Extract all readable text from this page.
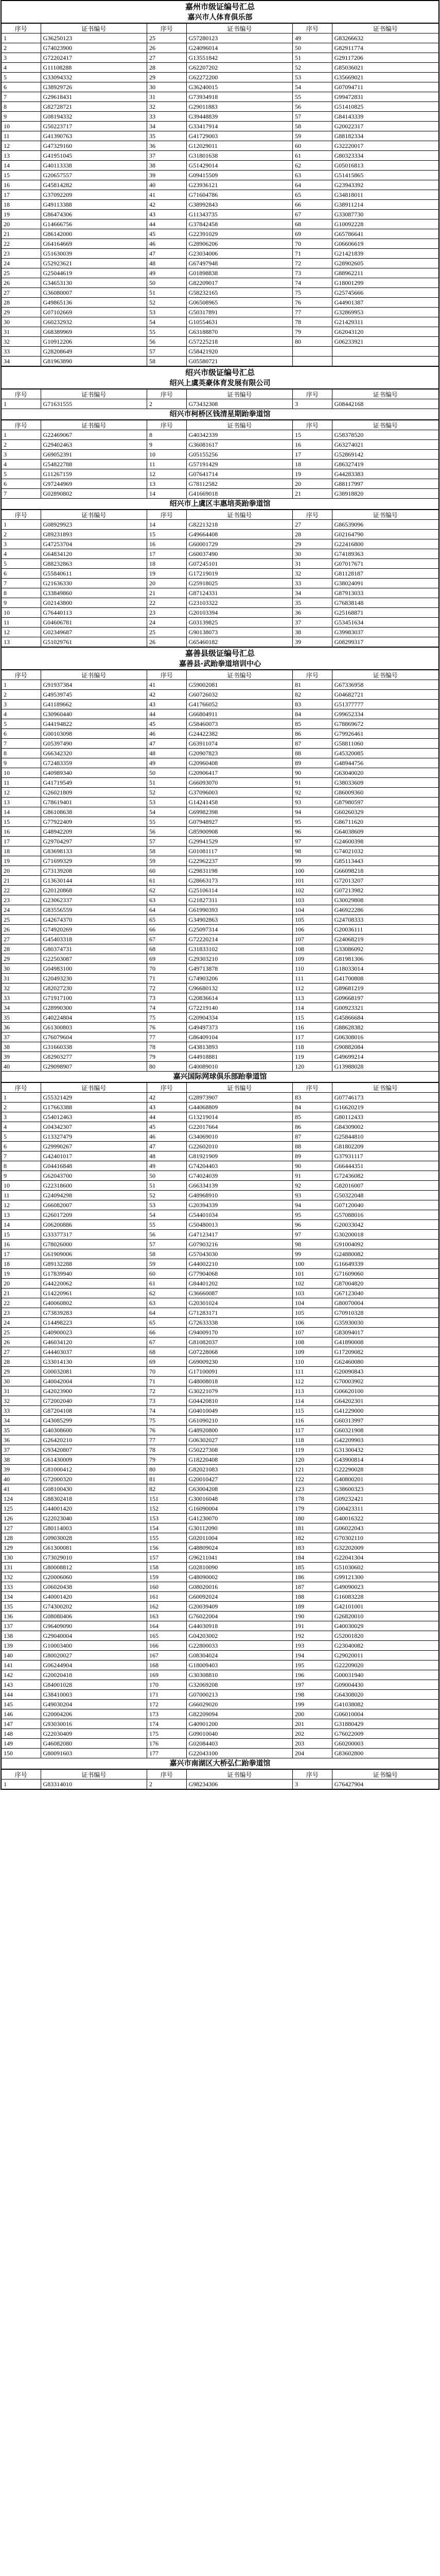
嘉州市级证编号汇总
嘉兴市人体育俱乐部
序号	证书编号	序号	证书编号	序号	证书编号
1	G36250123	25	G57280123	49	G83266632
2	G74023900	26	G24096014	50	G82911774
3	G72202417	27	G13551842	51	G29117206
4	G11108288	28	G62207202	52	G85036021
5	G33094332	29	G62272200	53	G35669021
6	G38929726	30	G36240015	54	G07094711
7	G29618431	31	G73934918	55	G99472831
8	G82728721	32	G29011883	56	G51410825
9	G08194332	33	G39448839	57	G84143339
10	G50223717	34	G33417914	58	G20022317
11	G41390763	35	G41729003	59	G88182334
12	G47329160	36	G12029011	60	G32220017
13	G41951045	37	G31801638	61	G80323334
14	G40113338	38	G51429014	62	G05016813
15	G20657557	39	G09415509	63	G51415865
16	G45814282	40	G23936121	64	G23943392
17	G37092209	41	G71604786	65	G34818011
18	G49113388	42	G38992843	66	G38911214
19	G86474306	43	G11343735	67	G33087730
20	G14666756	44	G37842458	68	G10092228
21	G86142000	45	G22391029	69	G65786641
22	G64164669	46	G28906206	70	G06606619
23	G51630039	47	G23034006	71	G21421839
24	G52923621	48	G67497948	72	G28902605
25	G25044619	49	G01898838	73	G88962211
26	G34653130	50	G82209017	74	G18001299
27	G36080007	51	G58232165	75	G25745666
28	G49865136	52	G06508965	76	G44901387
29	G07102669	53	G50317891	77	G32869953
30	G60232932	54	G10554631	78	G21429311
31	G68389969	55	G63188870	79	G62043120
32	G10912206	56	G57225218	80	G06233921
33	G28208649	57	G58421920		
34	G81963890	58	G05580721		
绍兴市级证编号汇总
绍兴上虞英豪体育发展有限公司
序号	证书编号	序号	证书编号	序号	证书编号
1	G71631555	2	G73432308	3	G08442168
绍兴市柯桥区钱清星期跆拳道馆
序号	证书编号	序号	证书编号	序号	证书编号
1	G22469067	8	G40342339	15	G58378520
2	G29402463	9	G36081617	16	G63274021
3	G69052391	10	G05155256	17	G52869142
4	G54822788	11	G57191429	18	G86327419
5	G11267159	12	G07641714	19	G44283383
6	G97244969	13	G78112582	20	G88117997
7	G02890802	14	G41669018	21	G38918820
绍兴市上虞区丰惠培英跆拳道馆
序号	证书编号	序号	证书编号	序号	证书编号
1	G08929923	14	G82213218	27	G86539096
2	G89231893	15	G49664408	28	G02164790
3	G47253704	16	G60001729	29	G22416800
4	G64834120	17	G60037490	30	G74189363
5	G88232863	18	G07245101	31	G07017671
6	G55840611	19	G17219019	32	G81128187
7	G21636330	20	G25918025	33	G38024091
8	G33849860	21	G87124331	34	G87913033
9	G02143800	22	G23103322	35	G76838148
10	G76440113	23	G20103394	36	G25168871
11	G04606781	24	G03139825	37	G53451634
12	G02349687	25	G90138073	38	G39983037
13	G51029761	26	G65460182	39	G08299317
嘉善县级证编号汇总
嘉善县·武跆拳道培训中心
序号	证书编号	序号	证书编号	序号	证书编号
1	G91937384	41	G59002081	81	G67336958
2	G49539745	42	G60726032	82	G04682721
3	G41189662	43	G41766052	83	G51377777
4	G30960440	44	G66804911	84	G99652334
5	G44194822	45	G58460073	85	G78869672
6	G00103098	46	G24422382	86	G79926461
7	G05397490	47	G63911074	87	G58811060
8	G66342320	48	G20907823	88	G45320085
9	G72483359	49	G20960408	89	G48944756
10	G40989340	50	G20906417	90	G63040020
11	G41719549	51	G66093070	91	G38033609
12	G26021809	52	G37096003	92	G86009360
13	G78619401	53	G14241458	93	G87980597
14	G86108638	54	G69982398	94	G60260329
15	G77922409	55	G07948927	95	G86711620
16	G48942209	56	G85900908	96	G64038609
17	G29704297	57	G29941529	97	G24600398
18	G83698133	58	G01081117	98	G74021032
19	G71699329	59	G22962237	99	G85113443
20	G73139208	60	G29831198	100	G66098218
21	G13630144	61	G28663173	101	G72013207
22	G20120868	62	G25106114	102	G07213982
23	G23062337	63	G21827311	103	G30029808
24	G83556559	64	G61990393	104	G46922286
25	G42674370	65	G34902863	105	G24708333
26	G74920269	66	G25097314	106	G20036111
27	G45403318	67	G72220214	107	G24068219
28	G80374731	68	G31833102	108	G33086092
29	G22503087	69	G29303210	109	G81981306
30	G04983100	70	G49713878	110	G18033014
31	G20493230	71	G74903206	111	G41700808
32	G82027230	72	G96680132	112	G89681219
33	G71917100	73	G20836614	113	G09668197
34	G28990300	74	G72219140	114	G00923321
35	G40224804	75	G20904334	115	G45866684
36	G61300803	76	G49497373	116	G88628382
37	G76079604	77	G86409104	117	G06308016
38	G31660338	78	G43813893	118	G90882084
39	G82903277	79	G44918881	119	G49699214
40	G29098907	80	G40089010	120	G13988028
嘉兴国际网球俱乐部跆拳道馆
序号	证书编号	序号	证书编号	序号	证书编号
1	G55321429	42	G28973907	83	G07746173
2	G17663388	43	G44068809	84	G16620219
3	G54012463	44	G13219014	85	G80112433
4	G04342307	45	G22017664	86	G84309002
5	G13327479	46	G34069010	87	G25844810
6	G29990267	47	G22602010	88	G81802209
7	G42401017	48	G81921909	89	G37931117
8	G04416848	49	G74204403	90	G66444351
9	G62043700	50	G74024039	91	G72436082
10	G22318600	51	G66334139	92	G82016007
11	G24094298	52	G48968910	93	G50322048
12	G66082007	53	G20394339	94	G07120040
13	G26017209	54	G54401034	95	G57088016
14	G06200886	55	G50480013	96	G20033042
15	G33377317	56	G47123417	97	G30200018
16	G78026000	57	G07903216	98	G91004092
17	G61909006	58	G57043030	99	G24880082
18	G89132288	59	G44002210	100	G16649339
19	G17839940	60	G77904068	101	G71609060
20	G44220062	61	G84401202	102	G87004820
21	G14220961	62	G36660087	103	G67123040
22	G40060802	63	G20301024	104	G80070004
23	G73839283	64	G71283171	105	G70910328
24	G14498223	65	G72633338	106	G35930030
25	G40900023	66	G94009170	107	G83094017
26	G46034120	67	G81082037	108	G41890008
27	G44403037	68	G07228068	109	G17209082
28	G33014130	69	G69009230	110	G62460080
29	G00032081	70	G17100091	111	G20090843
30	G40042004	71	G48008018	112	G70003902
31	G42023900	72	G30221079	113	G06620100
32	G72002040	73	G04420810	114	G64202301
33	G87204108	74	G04010049	115	G41229000
34	G43085299	75	G61090210	116	G60313997
35	G40308600	76	G48920800	117	G60321908
36	G26420210	77	G06302027	118	G42209903
37	G93420807	78	G50227308	119	G31300432
38	G61430009	79	G18220408	120	G43900814
39	G81000412	80	G82021083	121	G22290028
40	G72000320	81	G20010427	122	G40800201
41	G08100430	82	G63004208	123	G38600323
124	G88302418	151	G30016048	178	G09232421
125	G44001420	152	G16090004	179	G00423311
126	G22023040	153	G41230070	180	G40016322
127	G80114003	154	G30112090	181	G06022043
128	G09030028	155	G02011004	182	G70302110
129	G61300081	156	G48809024	183	G32202009
130	G73029010	157	G96211041	184	G22041304
131	G80008812	158	G02810090	185	G51030602
132	G20006060	159	G48090002	186	G99121300
133	G06020438	160	G08020016	187	G49090023
134	G40001420	161	G60092024	188	G16083228
135	G74300202	162	G20039409	189	G42101001
136	G08080406	163	G76022004	190	G26820010
137	G96409090	164	G44030918	191	G40030029
138	G29040004	165	G04203002	192	G52001820
139	G10003400	166	G22800033	193	G23040082
140	G80020027	167	G08304024	194	G29020011
141	G06244904	168	G18009403	195	G22209020
142	G20020418	169	G30308810	196	G00031940
143	G84001028	170	G32069208	197	G09004430
144	G38410003	171	G07000213	198	G64308020
145	G49030204	172	G66029020	199	G41038082
146	G20004206	173	G82209094	200	G06010004
147	G93030016	174	G40901200	201	G31880429
148	G22030409	175	G09010040	202	G76022009
149	G46082080	176	G02084403	203	G60200003
150	G80091603	177	G22043100	204	G83602800
嘉兴市南湖区大桥弘仁跆拳道馆
序号	证书编号	序号	证书编号	序号	证书编号
1	G83314010	2	G98234306	3	G76427904
